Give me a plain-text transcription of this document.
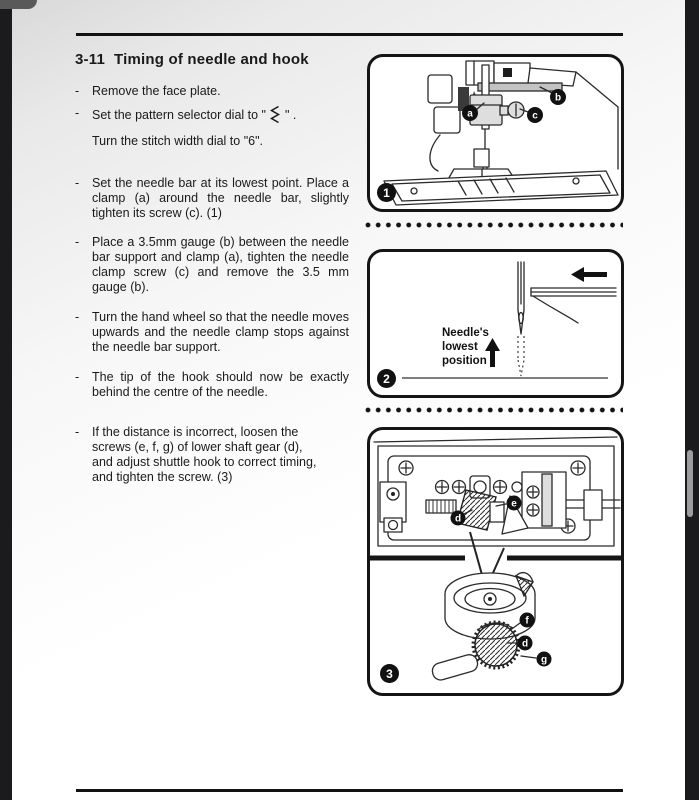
3-11 Timing of needle and hook
-	Remove the face plate.

-	Set the pattern selector dial to "  " .

Turn the stitch width dial to "6".

-	Set the needle bar at its lowest point. Place a clamp (a) around the needle bar, slightly tighten its screw (c). (1)

-	Place a 3.5mm gauge (b) between the needle bar support and clamp (a), tighten the needle clamp screw (c) and remove the 3.5 mm gauge (b).

-	Turn the hand wheel so that the needle moves upwards and the needle clamp stops against the needle bar support.

-	The tip of the hook should now be exactly behind the centre of the needle.

-	If the distance is incorrect, loosen the screws (e, f, g) of lower shaft gear (d), and adjust shuttle hook to correct timing, and tighten the screw. (3)

a
b
c
1
Needle's
lowest
position
2
d
e
f
d
g
3
